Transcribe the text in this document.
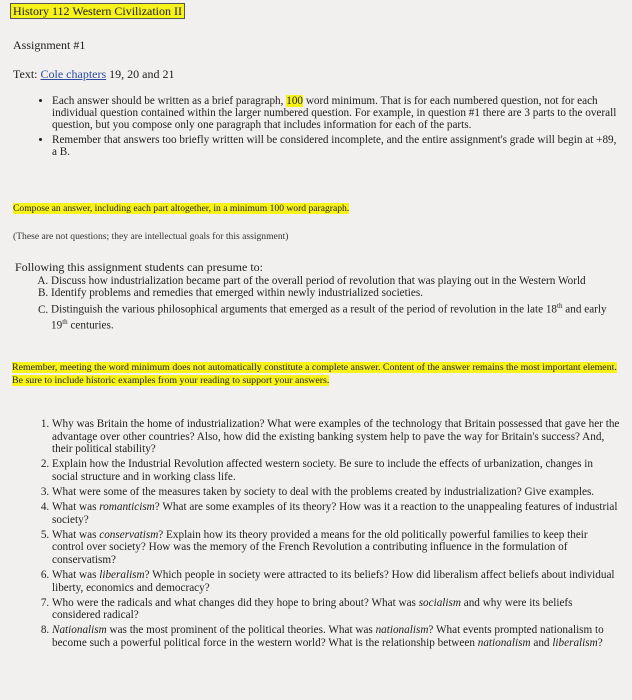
History 112 Western Civilization II
Assignment #1
Text: Cole chapters 19, 20 and 21
• Each answer should be written as a brief paragraph, 100 word minimum. That is for each numbered question, not for each individual question contained within the larger numbered question. For example, in question #1 there are 3 parts to the overall question, but you compose only one paragraph that includes information for each of the parts.
• Remember that answers too briefly written will be considered incomplete, and the entire assignment's grade will begin at +89, a B.
Compose an answer, including each part altogether, in a minimum 100 word paragraph.
(These are not questions; they are intellectual goals for this assignment)
Following this assignment students can presume to:
A. Discuss how industrialization became part of the overall period of revolution that was playing out in the Western World
B. Identify problems and remedies that emerged within newly industrialized societies.
C. Distinguish the various philosophical arguments that emerged as a result of the period of revolution in the late 18th and early 19th centuries.
Remember, meeting the word minimum does not automatically constitute a complete answer. Content of the answer remains the most important element. Be sure to include historic examples from your reading to support your answers.
1. Why was Britain the home of industrialization? What were examples of the technology that Britain possessed that gave her the advantage over other countries? Also, how did the existing banking system help to pave the way for Britain's success? And, their political stability?
2. Explain how the Industrial Revolution affected western society. Be sure to include the effects of urbanization, changes in social structure and in working class life.
3. What were some of the measures taken by society to deal with the problems created by industrialization? Give examples.
4. What was romanticism? What are some examples of its theory? How was it a reaction to the unappealing features of industrial society?
5. What was conservatism? Explain how its theory provided a means for the old politically powerful families to keep their control over society? How was the memory of the French Revolution a contributing influence in the formulation of conservatism?
6. What was liberalism? Which people in society were attracted to its beliefs? How did liberalism affect beliefs about individual liberty, economics and democracy?
7. Who were the radicals and what changes did they hope to bring about? What was socialism and why were its beliefs considered radical?
8. Nationalism was the most prominent of the political theories. What was nationalism? What events prompted nationalism to become such a powerful political force in the western world? What is the relationship between nationalism and liberalism?
